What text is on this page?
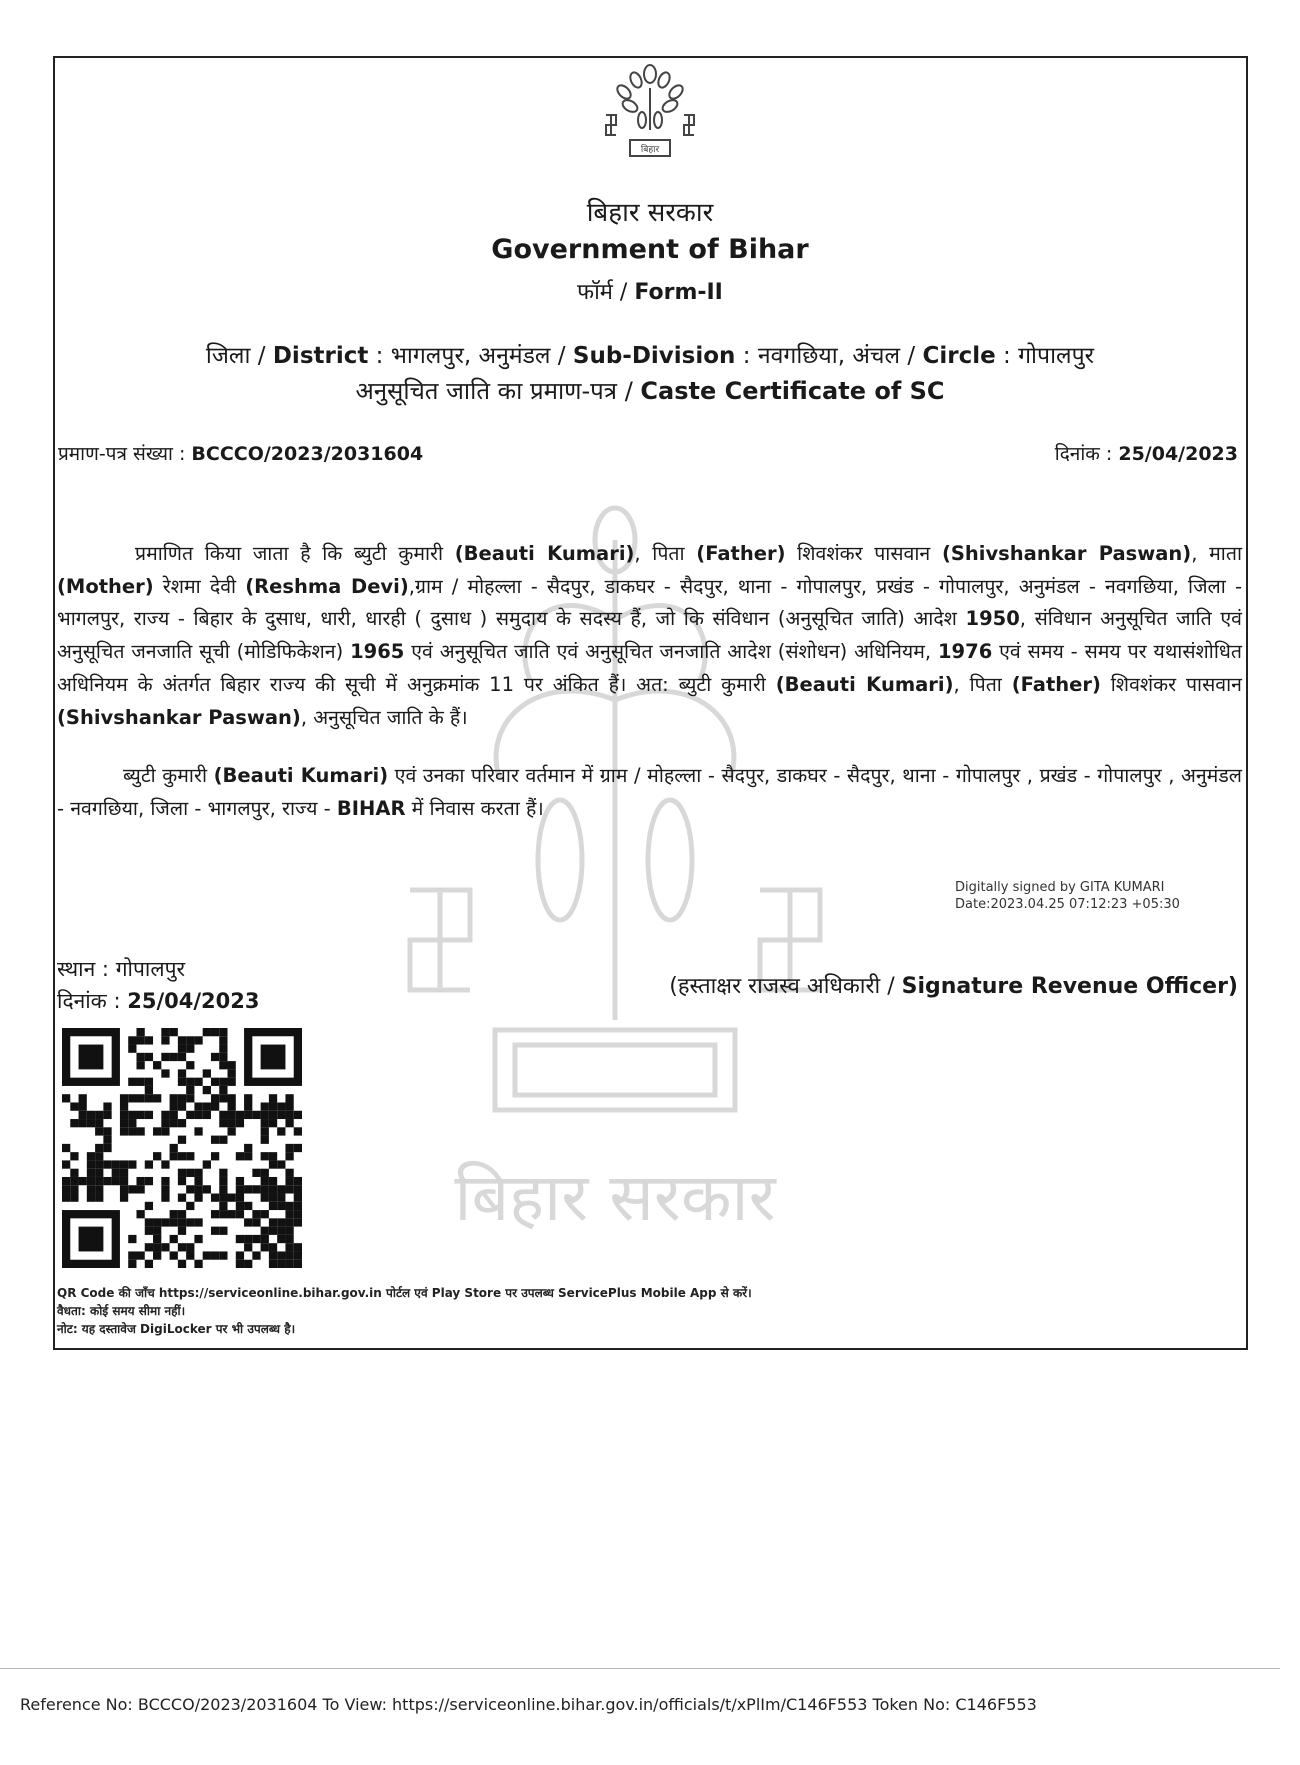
बिहार
बिहार सरकार
बिहार सरकार
Government of Bihar
फॉर्म / Form-II
जिला / District : भागलपुर, अनुमंडल / Sub-Division : नवगछिया, अंचल / Circle : गोपालपुर
अनुसूचित जाति का प्रमाण-पत्र / Caste Certificate of SC
प्रमाण-पत्र संख्या : BCCCO/2023/2031604	दिनांक : 25/04/2023
प्रमाणित किया जाता है कि ब्युटी कुमारी (Beauti Kumari), पिता (Father) शिवशंकर पासवान (Shivshankar Paswan), माता (Mother) रेशमा देवी (Reshma Devi),ग्राम / मोहल्ला - सैदपुर, डाकघर - सैदपुर, थाना - गोपालपुर, प्रखंड - गोपालपुर, अनुमंडल - नवगछिया, जिला - भागलपुर, राज्य - बिहार के दुसाध, धारी, धारही ( दुसाध ) समुदाय के सदस्य हैं, जो कि संविधान (अनुसूचित जाति) आदेश 1950, संविधान अनुसूचित जाति एवं अनुसूचित जनजाति सूची (मोडिफिकेशन) 1965 एवं अनुसूचित जाति एवं अनुसूचित जनजाति आदेश (संशोधन) अधिनियम, 1976 एवं समय - समय पर यथासंशोधित अधिनियम के अंतर्गत बिहार राज्य की सूची में अनुक्रमांक 11 पर अंकित हैं। अत: ब्युटी कुमारी (Beauti Kumari), पिता (Father) शिवशंकर पासवान (Shivshankar Paswan), अनुसूचित जाति के हैं।
ब्युटी कुमारी (Beauti Kumari) एवं उनका परिवार वर्तमान में ग्राम / मोहल्ला - सैदपुर, डाकघर - सैदपुर, थाना - गोपालपुर , प्रखंड - गोपालपुर , अनुमंडल - नवगछिया, जिला - भागलपुर, राज्य - BIHAR में निवास करता हैं।
Digitally signed by GITA KUMARI
Date:2023.04.25 07:12:23 +05:30
स्थान : गोपालपुर
दिनांक : 25/04/2023
(हस्ताक्षर राजस्व अधिकारी / Signature Revenue Officer)
QR Code की जाँच https://serviceonline.bihar.gov.in पोर्टल एवं Play Store पर उपलब्ध ServicePlus Mobile App से करें।
वैधता: कोई समय सीमा नहीं।
नोट: यह दस्तावेज DigiLocker पर भी उपलब्ध है।
Reference No: BCCCO/2023/2031604 To View: https://serviceonline.bihar.gov.in/officials/t/xPlIm/C146F553 Token No: C146F553
